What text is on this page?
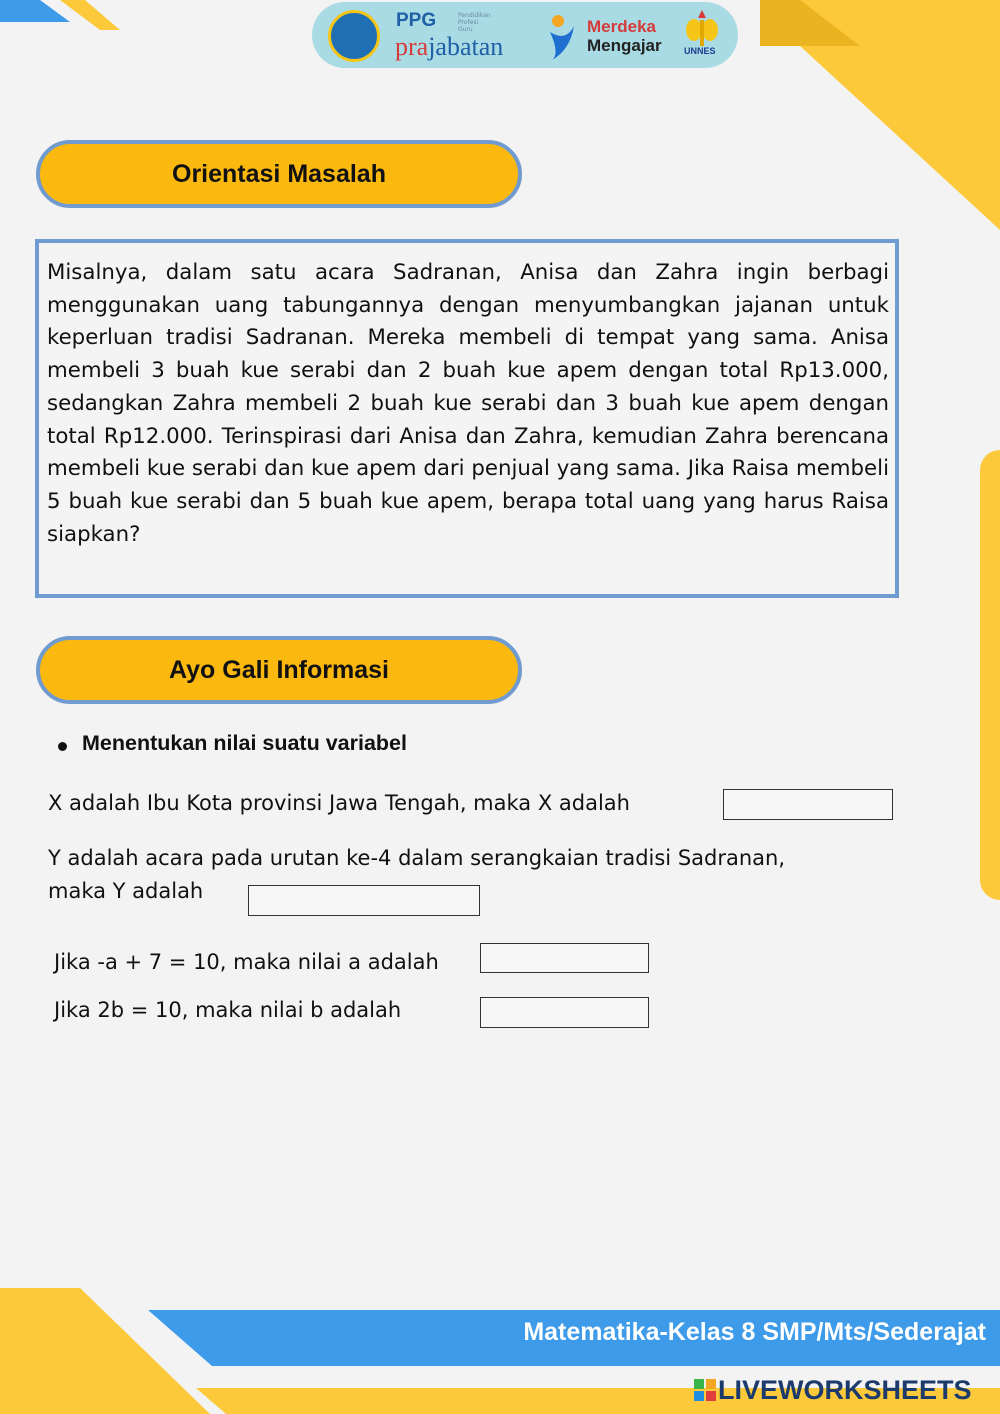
PPG	Pendidikan Profesi Guru
prajabatan
Merdeka
Mengajar UNNES
Orientasi Masalah
Misalnya, dalam satu acara Sadranan, Anisa dan Zahra ingin berbagi menggunakan uang tabungannya dengan menyumbangkan jajanan untuk keperluan tradisi Sadranan. Mereka membeli di tempat yang sama. Anisa membeli 3 buah kue serabi dan 2 buah kue apem dengan total Rp13.000, sedangkan Zahra membeli 2 buah kue serabi dan 3 buah kue apem dengan total Rp12.000. Terinspirasi dari Anisa dan Zahra, kemudian Zahra berencana membeli kue serabi dan kue apem dari penjual yang sama. Jika Raisa membeli 5 buah kue serabi dan 5 buah kue apem, berapa total uang yang harus Raisa siapkan?
Ayo Gali Informasi
Menentukan nilai suatu variabel
X adalah Ibu Kota provinsi Jawa Tengah, maka X adalah
Y adalah acara pada urutan ke-4 dalam serangkaian tradisi Sadranan,
maka Y adalah
Jika -a + 7 = 10, maka nilai a adalah
Jika 2b = 10, maka nilai b adalah
Matematika-Kelas 8 SMP/Mts/Sederajat
LIVEWORKSHEETS
